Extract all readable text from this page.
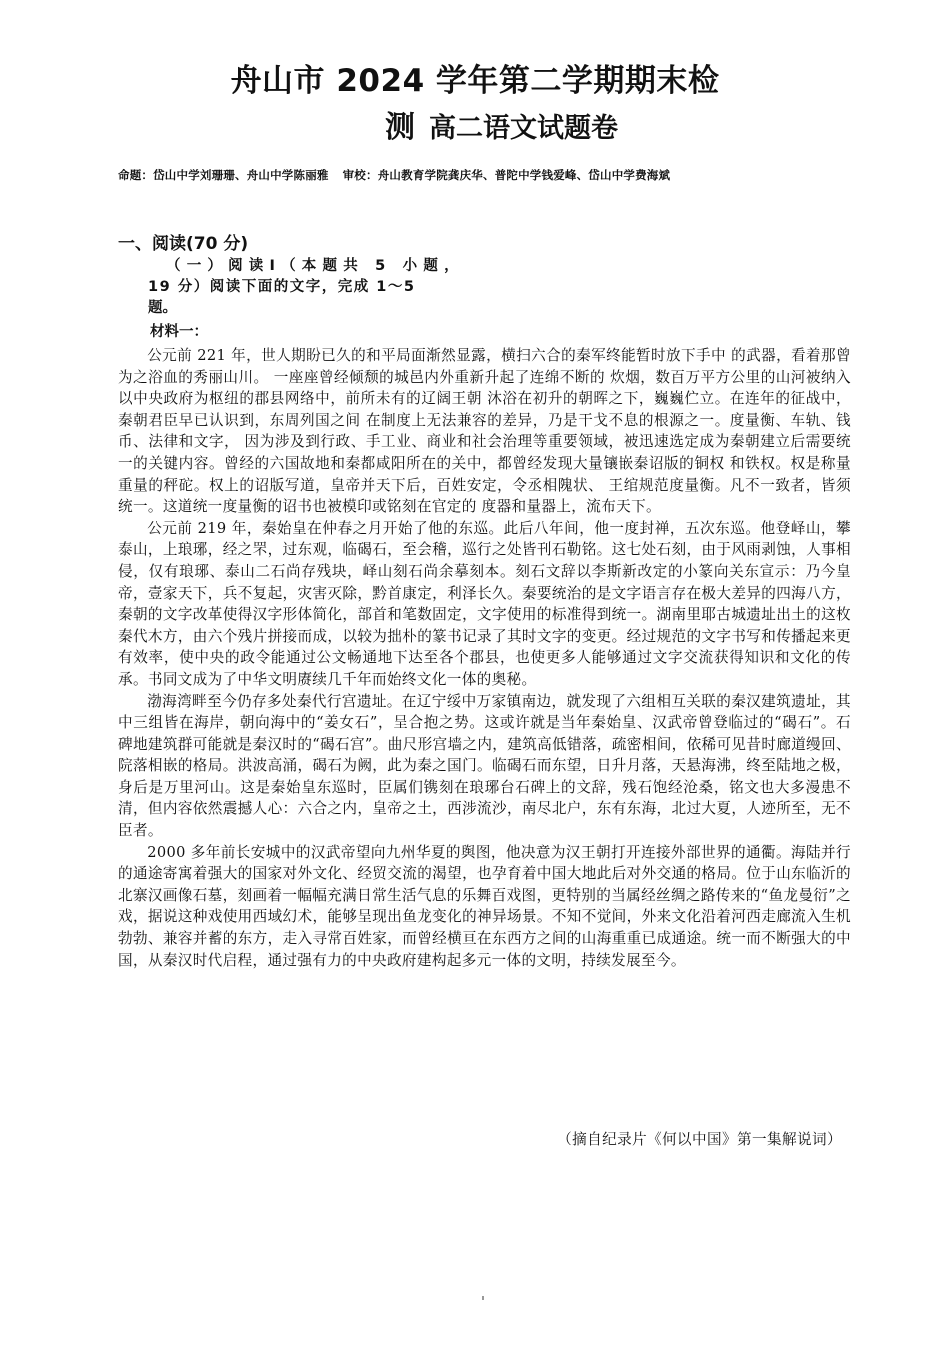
舟山市 2024 学年第二学期期末检
测 高二语文试题卷
命题：岱山中学刘珊珊、舟山中学陈丽雅 审校：舟山教育学院龚庆华、普陀中学钱爱峰、岱山中学费海斌
一、阅读(70 分)
（一）阅读Ⅰ（本题共 5 小题，
19 分）阅读下面的文字，完成 1～5
题。
材料一：

公元前 221 年，世人期盼已久的和平局面渐然显露，横扫六合的秦军终能暂时放下手中 的武器，看着那曾为之浴血的秀丽山川。 一座座曾经倾颓的城邑内外重新升起了连绵不断的 炊烟，数百万平方公里的山河被纳入以中央政府为枢纽的郡县网络中，前所未有的辽阔王朝 沐浴在初升的朝晖之下，巍巍伫立。在连年的征战中，秦朝君臣早已认识到，东周列国之间 在制度上无法兼容的差异，乃是干戈不息的根源之一。度量衡、车轨、钱币、法律和文字， 因为涉及到行政、手工业、商业和社会治理等重要领域，被迅速选定成为秦朝建立后需要统 一的关键内容。曾经的六国故地和秦都咸阳所在的关中，都曾经发现大量镶嵌秦诏版的铜权 和铁权。权是称量重量的秤砣。权上的诏版写道，皇帝并天下后，百姓安定，令丞相隗状、 王绾规范度量衡。凡不一致者，皆须统一。这道统一度量衡的诏书也被模印或铭刻在官定的 度器和量器上，流布天下。

公元前 219 年，秦始皇在仲春之月开始了他的东巡。此后八年间，他一度封禅，五次东巡。他登峄山，攀泰山，上琅琊，经之罘，过东观，临碣石，至会稽，巡行之处皆刊石勒铭。这七处石刻，由于风雨剥蚀，人事相侵，仅有琅琊、泰山二石尚存残块，峄山刻石尚余摹刻本。刻石文辞以李斯新改定的小篆向关东宣示：乃今皇帝，壹家天下，兵不复起，灾害灭除，黔首康定，利泽长久。秦要统治的是文字语言存在极大差异的四海八方，秦朝的文字改革使得汉字形体简化，部首和笔数固定，文字使用的标准得到统一。湖南里耶古城遗址出土的这枚秦代木方，由六个残片拼接而成，以较为拙朴的篆书记录了其时文字的变更。经过规范的文字书写和传播起来更有效率，使中央的政令能通过公文畅通地下达至各个郡县，也使更多人能够通过文字交流获得知识和文化的传承。书同文成为了中华文明赓续几千年而始终文化一体的奥秘。

渤海湾畔至今仍存多处秦代行宫遗址。在辽宁绥中万家镇南边，就发现了六组相互关联的秦汉建筑遗址，其中三组皆在海岸，朝向海中的“姜女石”，呈合抱之势。这或许就是当年秦始皇、汉武帝曾登临过的“碣石”。石碑地建筑群可能就是秦汉时的“碣石宫”。曲尺形宫墙之内，建筑高低错落，疏密相间，依稀可见昔时廊道缦回、院落相嵌的格局。洪波高涌，碣石为阙，此为秦之国门。临碣石而东望，日升月落，天悬海沸，终至陆地之极，身后是万里河山。这是秦始皇东巡时，臣属们镌刻在琅琊台石碑上的文辞，残石饱经沧桑，铭文也大多漫患不清，但内容依然震撼人心：六合之内，皇帝之土，西涉流沙，南尽北户，东有东海，北过大夏，人迹所至，无不臣者。

2000 多年前长安城中的汉武帝望向九州华夏的舆图，他决意为汉王朝打开连接外部世界的通衢。海陆并行的通途寄寓着强大的国家对外文化、经贸交流的渴望，也孕育着中国大地此后对外交通的格局。位于山东临沂的北寨汉画像石墓，刻画着一幅幅充满日常生活气息的乐舞百戏图，更特别的当属经丝绸之路传来的“鱼龙曼衍”之戏，据说这种戏使用西域幻术，能够呈现出鱼龙变化的神异场景。不知不觉间，外来文化沿着河西走廊流入生机勃勃、兼容并蓄的东方，走入寻常百姓家，而曾经横亘在东西方之间的山海重重已成通途。统一而不断强大的中国，从秦汉时代启程，通过强有力的中央政府建构起多元一体的文明，持续发展至今。

（摘自纪录片《何以中国》第一集解说词）
